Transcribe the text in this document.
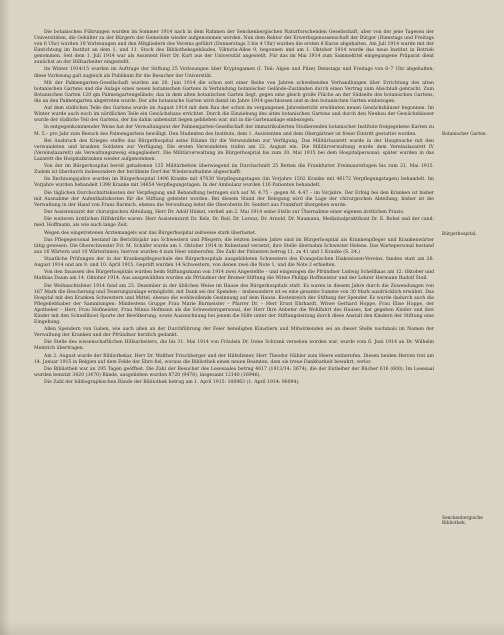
Die botanischen Führungen wurden im Sommer 1914 nach in dem Rahmen der Senckenbergischen Naturforschenden Gesellschaft, aber von der jene Tagesen der Universitäten, die Gehälter zu der Bürgern der Gemeinde wieder aufgenommen werden. Nun dem Rektor der Erwerbsgenossenschaft der Bürger (Dienstags und Freitags von 6 Uhr) wurden 18 Vorlesungen und den Mitgliedern des Vereins geführt (Donnerstags 3 bis 4 Uhr) wurden die ersten 8 Kurse abgehalten. Am Juli 1914 wurde mit der Einrichtung im Institut an dem 1. und 11. Stock des Bibliotheksgebäudes, Viktoria-Allee 9, begonnen und am 1. Oktober 1914 wurde das neue Institut in Betrieb genommen. Seit dem 1. Juli 1914 war als Assistent Herr Dr. Kurt aus der Universität angestellt. Für das im Mai 1914 zum Sammeltitel eingegangene Präparat dient zunächst an der Hilfsarbeiter eingestellt.

Im Winter 1914/15 wurden im Auftrage der Stiftung 25 Vorlesungen über Kryptogamen (I. Teil: Algen und Pilze) Dienstags und Freitags von 6–7 Uhr abgehalten; diese Vorlesung galt zugleich als Publikum für die Besucher der Universität.

Mit der Palmengarten-Gesellschaft wurden am 20. Juni 1914 die schon seit einer Reihe von Jahren schwebenden Verhandlungen über Errichtung des alten botanischen Gartens und die Anlage eines neuen botanischen Gartens in Verbindung botanischer Gelände-Zuständen durch einen Vertrag zum Abschluß gebracht. Zum Botanischen Garten 120 qm Palmengartengelände, das in dem alten botanischen Garten liegt, gegen eine gleich große Fläche an der Südseite des botanischen Gartens, die an den Palmengarten abgetreten wurde. Der alte botanische Garten wird damit im Jahre 1914 geschlossen und in den botanischen Garten einbezogen.

Auf dem südlichen Teile des Gartens wurde im August 1914 mit dem Bau der schon im vergangenen Jahresbericht erwähnten neuen Gewächshäuser begonnen. Im Winter wurde auch noch im nördlichen Teile ein Gewächshaus errichtet. Durch die Einziehung des alten botanischen Gartens und durch den Neubau der Gewächshäuser wurde der südliche Teil des Gartens, der bis dahin unbenutzt liegen geblieben war, mit in die Gartenanlage einbezogen.

In entgegenkommender Weise hat der Verwaltungsrat der Palmengarten-Gesellschaft der immatrikulierten Studierenden botanischer Institute freigegebene Karten zu M. 5.– pro Jahr zum Besuch des Palmengartens bewilligt. Den Studenten des Instituts, dem 1. Assistenten und dem Obergärtner ist freier Eintritt gestattet worden.

Bei Ausbruch des Krieges stellte das Bürgerhospital seine Räume für die Verwundeten zur Verfügung. Das Militärlazarett wurde in der Hauptsache mit den verwundeten und kranken Soldaten zur Verfügung. Die ersten Verwundeten trafen am 22. August ein. Die Militärverwaltung wurde dem Vereinslazarett IV (Vereinslazarett) als Verwaltungszweig eingegliedert. Die Militärverwaltung im Bürgerhospital bis zum 20. Mai 1915 bei dem Hospitalpersonal; später wurden in das Lazarett die Hospitalkranken wieder aufgenommen.

Von der im Bürgerhospital bereit gehaltenen 125 Militärbetten überwiegend im Durchschnitt 25 Betten die Frankfurter Freimaurerlogen bis zum 21. Mai 1915. Zudem ist überdurch insbesondere der berühmte Dorf der Wiederaufnahme abgeschafft.

Im Rechnungsjahre wurden im Bürgerhospital 1496 Kranke mit 47030 Verpflegungstagen (im Vorjahre 1502 Kranke mit 46172 Verpflegungstagen) behandelt. Im Vorjahre wurden behandelt 1398 Kranke mit 34654 Verpflegungstagen. In der Ambulanz wurden 116 Patienten behandelt.

Die täglichen Durchschnittskosten der Verpflegung und Behandlung betrugen sich auf M. 4.75 – gegen M. 4.47 – im Vorjahre. Der Erfolg bei den Kranken ist bisher mit Ausnahme der Aufenthaltskosten für die Stiftung geleistet worden. Bei diesem Stand der Belegung wird die Lage der chirurgischen Abteilung; bisher ist die Verwaltung in der Hand von Franz Barmich, ebenso die Verwaltung leitet die Oberoberin Dr. Senfert aus Frankfurt übergeben wurde.

Der Assistenzarzt der chirurgischen Abteilung, Herr Dr. Adolf Hinkel, verließ am 2. Mai 1914 seine Stelle zur Übernahme einer eigenen ärztlichen Praxis.

Die weiteren ärztlichen Hilfskräfte waren: Herr Assistenzarzt Dr. Kelz, Dr. Reil, Dr. Lorenz, Dr. Arnold, Dr. Naumann, Medizinalpraktikant Dr. E. Bobel und der cand. med. Hoffmann, als wie auch lange Zeit.

Wegen des eingetretenen Ärztemangels war das Bürgerhospital zeitweise stark überlastet.

Das Pflegepersonal bestand im Berichtsjahr aus Schwestern und Pflegern; die letzten beiden Jahre sind im Bürgerhospital als Krankenpfleger und Krankenwärter tätig gewesen. Die Oberschwester Frl. M. Schäfer wurde am 1. Oktober 1914 in Ruhestand versetzt, ihre Stelle übernahm Schwester Helene. Das Wartepersonal bestand aus 16 Wärtern und 10 Wärterinnen; hiervon wurden 4 zum Heer einberufen. Die Zahl der Patienten betrug 11, zu 41 und 1 Kranke (S. 24.)

Staatliche Prüfungen der in der Krankenpflegeschule des Bürgerhospitals ausgebildeten Schwestern des Evangelischen Diakonissen-Vereins, fanden statt am 26. August 1914 und am 9. und 10. April 1915. Geprüft wurden 14 Schwestern, von denen zwei die Note 1, und die Note 2 erhielten.

Von den Insassen des Bürgerhospitals wurden beim Stiftungsmann von 1914 zwei Angestellte – und eingezogen die Pfründner Ludwig Schellhaas am 12. Oktober und Mathias Daum am 14. Oktober 1914. Aus ausgewählten wurden als Pfründner der Bremer-Stiftung die Witwe Philipp Hoffmeister und der Lehrer Hermann Rudolf Stoll.

Die Weihnachtsfeier 1914 fand am 23. Dezember in der üblichen Weise im Hause des Bürgerhospitals statt. Es waren in diesem Jahre durch die Zuwendungen von 167 Mark die Bescherung und Teuerungszulage ermöglicht; mit Dank sei der Spenden – insbesondere ist es eine gesamte Summe von 30 Mark ausdrücklich erwähnt. Das Hospital mit den Kranken Schwestern und Mittel, ebenso die wohlwollende Gesinnung auf dem Hause. Kostenreich der Stiftung der Spender. Es wurde dadurch auch die Pflegeliebhaber der Sammlungen: Mindestens Gruppe Frau Marie Burmeister – Pfarrer Dr. – Herr Ernst Ehrhardt, Witwe Gerhard Hoppe, Frau Elise Hoppe, der Apotheker – Herr, Frau Hofmeister, Frau Minna Hofmann als die Schwesternpersonal, der Herr Ihre Anbeter die Wohlfahrt des Hauses, hat gegeben Kinder und ihre Kinder mit den Schnellboot Sporte der Bevölkerung, sowie Auszeichnung bei jenem die Hilfe unter der Stiftungsleitung durch diese Anstalt den Kindern der Stiftung eine Eingebung.

Allen Spendern von Gaben, wie auch allen an der Durchführung der Feier beteiligten Künstlern und Mitwirkenden sei an dieser Stelle nochmals im Namen der Verwaltung der Kranken und der Pfründner herzlich gedankt.

Die Stelle des wissenschaftlichen Hilfsarbeiters, die bis 31. Mai 1914 von Fräulein Dr. Irene Schrank versehen worden war, wurde vom 6. Juni 1914 an Dr. Wilhelm Meinrich übertragen.

Am 2. August wurde der Bibliothekar, Herr Dr. Walther Frischberger und der Hilfsdiener, Herr Theodor Hähler zum Heere einberufen. Diesen beiden Herren trat am 14. Januar 1915 in Belgien auf dem Felde der Ehre fiel, woraus die Bibliothek einen neuen Beamten, dem sie treue Dankbarkeit bewahrt, verlor.

Die Bibliothek war an 295 Tagen geöffnet. Die Zahl der Besucher des Lesesaales betrug 4617 (1913/14: 3674), die der Entleiher der Bücher 616 (600). Im Lesesaal wurden benutzt 3420 (3470) Bände, ausgeliehen wurden 8720 (9476), insgesamt 12140 (16946).

Die Zahl der bibliographischen Bände der Bibliothek betrug am 1. April 1915: 100963 (1. April 1914: 96094).

Botanischer Garten.
Bürgerhospital.
Senckenbergische Bibliothek.
